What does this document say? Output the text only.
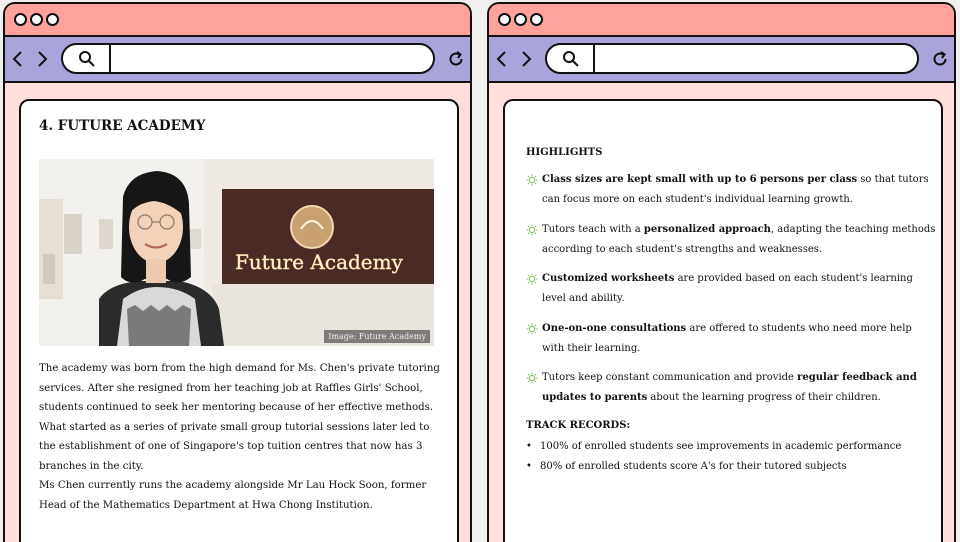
4. FUTURE ACADEMY
Future Academy
Image: Future Academy

The academy was born from the high demand for Ms. Chen's private tutoring services. After she resigned from her teaching job at Raffles Girls' School, students continued to seek her mentoring because of her effective methods. What started as a series of private small group tutorial sessions later led to the establishment of one of Singapore's top tuition centres that now has 3 branches in the city.

Ms Chen currently runs the academy alongside Mr Lau Hock Soon, former Head of the Mathematics Department at Hwa Chong Institution.

HIGHLIGHTS

Class sizes are kept small with up to 6 persons per class so that tutors can focus more on each student's individual learning growth.
Tutors teach with a personalized approach, adapting the teaching methods according to each student's strengths and weaknesses.
Customized worksheets are provided based on each student's learning level and ability.
One-on-one consultations are offered to students who need more help with their learning.
Tutors keep constant communication and provide regular feedback and updates to parents about the learning progress of their children.

TRACK RECORDS:

• 100% of enrolled students see improvements in academic performance
• 80% of enrolled students score A's for their tutored subjects
